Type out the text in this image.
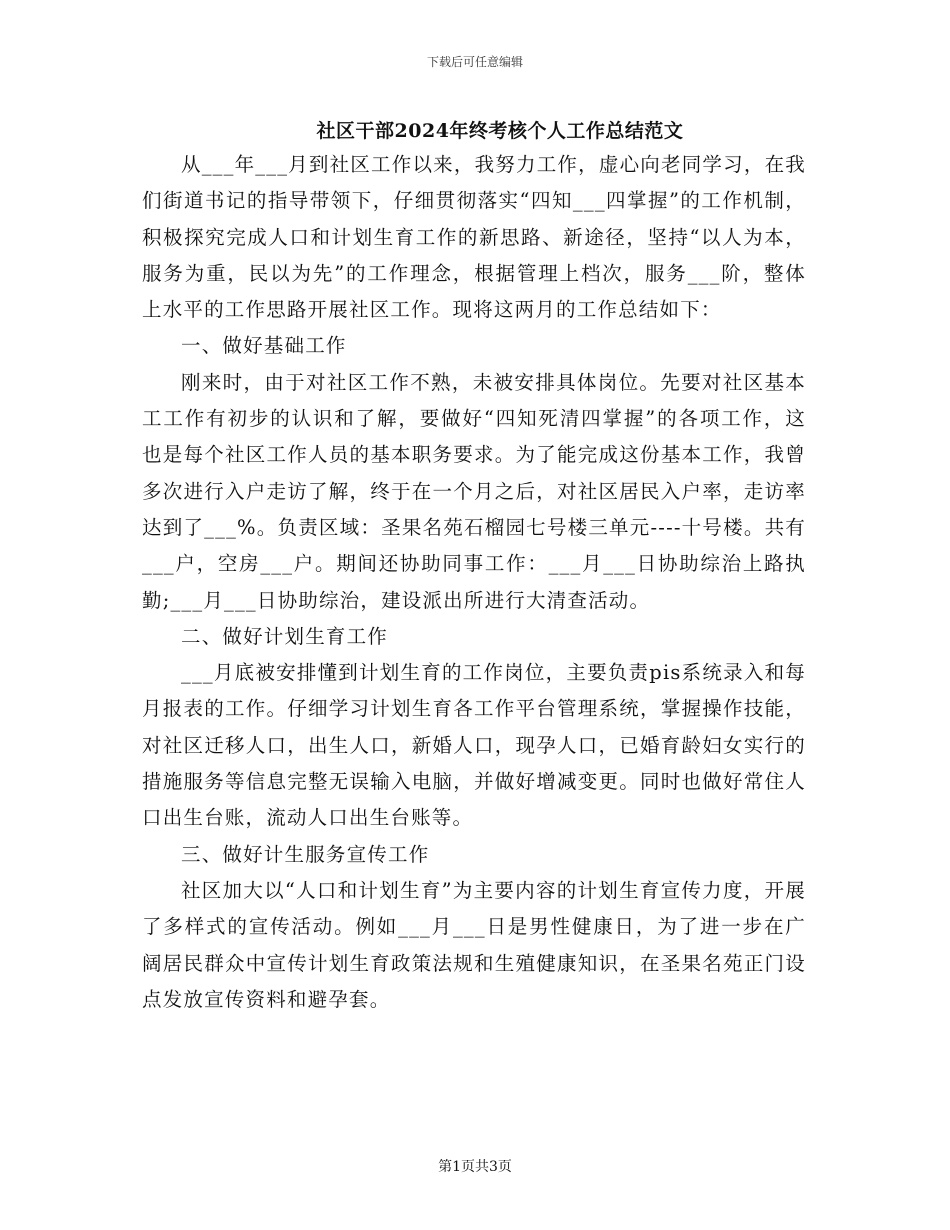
下载后可任意编辑
社区干部2024年终考核个人工作总结范文

从___年___月到社区工作以来，我努力工作，虚心向老同学习，在我们街道书记的指导带领下，仔细贯彻落实“四知___四掌握”的工作机制，积极探究完成人口和计划生育工作的新思路、新途径，坚持“以人为本，服务为重，民以为先”的工作理念，根据管理上档次，服务___阶，整体上水平的工作思路开展社区工作。现将这两月的工作总结如下：

一、做好基础工作

刚来时，由于对社区工作不熟，未被安排具体岗位。先要对社区基本工工作有初步的认识和了解，要做好“四知死清四掌握”的各项工作，这也是每个社区工作人员的基本职务要求。为了能完成这份基本工作，我曾多次进行入户走访了解，终于在一个月之后，对社区居民入户率，走访率达到了___%。负责区域：圣果名苑石榴园七号楼三单元----十号楼。共有___户，空房___户。期间还协助同事工作：___月___日协助综治上路执勤;___月___日协助综治，建设派出所进行大清查活动。

二、做好计划生育工作

___月底被安排懂到计划生育的工作岗位，主要负责pis系统录入和每月报表的工作。仔细学习计划生育各工作平台管理系统，掌握操作技能，对社区迁移人口，出生人口，新婚人口，现孕人口，已婚育龄妇女实行的措施服务等信息完整无误输入电脑，并做好增减变更。同时也做好常住人口出生台账，流动人口出生台账等。

三、做好计生服务宣传工作

社区加大以“人口和计划生育”为主要内容的计划生育宣传力度，开展了多样式的宣传活动。例如___月___日是男性健康日，为了进一步在广阔居民群众中宣传计划生育政策法规和生殖健康知识，在圣果名苑正门设点发放宣传资料和避孕套。

第1页共3页
